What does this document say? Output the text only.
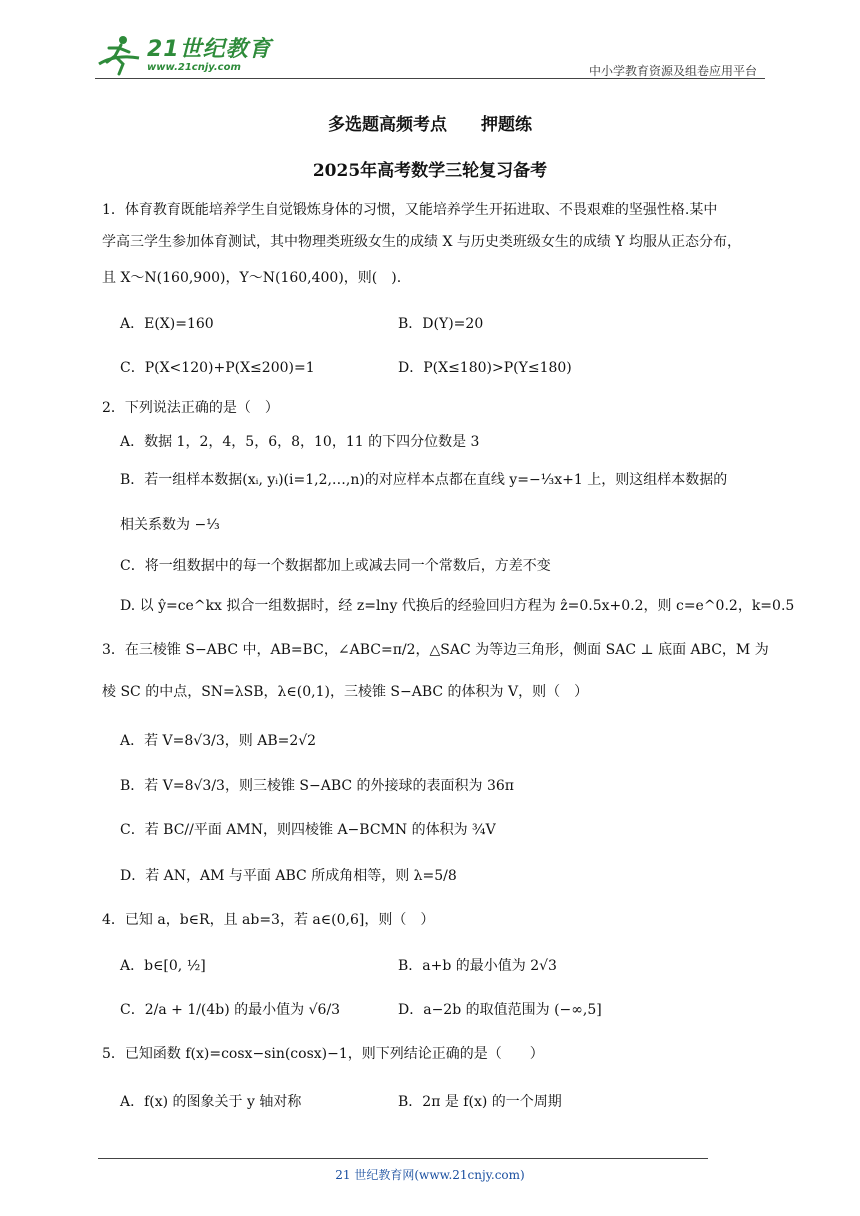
21世纪教育
www.21cnjy.com	中小学教育资源及组卷应用平台
多选题高频考点　　押题练
2025年高考数学三轮复习备考
1．体育教育既能培养学生自觉锻炼身体的习惯，又能培养学生开拓进取、不畏艰难的坚强性格.某中
学高三学生参加体育测试，其中物理类班级女生的成绩 X 与历史类班级女生的成绩 Y 均服从正态分布，
且 X～N(160,900)，Y～N(160,400)，则(　).
A．E(X)=160	B．D(Y)=20
C．P(X<120)+P(X≤200)=1	D．P(X≤180)>P(Y≤180)
2．下列说法正确的是（　）
A．数据 1，2，4，5，6，8，10，11 的下四分位数是 3
B．若一组样本数据(xᵢ, yᵢ)(i=1,2,…,n)的对应样本点都在直线 y=−⅓x+1 上，则这组样本数据的
相关系数为 −⅓
C．将一组数据中的每一个数据都加上或减去同一个常数后，方差不变
D. 以 ŷ=ce^kx 拟合一组数据时，经 z=lny 代换后的经验回归方程为 ẑ=0.5x+0.2，则 c=e^0.2，k=0.5
3．在三棱锥 S−ABC 中，AB=BC，∠ABC=π/2，△SAC 为等边三角形，侧面 SAC ⊥ 底面 ABC，M 为
棱 SC 的中点，SN=λSB，λ∈(0,1)，三棱锥 S−ABC 的体积为 V，则（　）
A．若 V=8√3/3，则 AB=2√2
B．若 V=8√3/3，则三棱锥 S−ABC 的外接球的表面积为 36π
C．若 BC//平面 AMN，则四棱锥 A−BCMN 的体积为 ¾V
D．若 AN，AM 与平面 ABC 所成角相等，则 λ=5/8
4．已知 a，b∈R，且 ab=3，若 a∈(0,6]，则（　）
A．b∈[0, ½]	B．a+b 的最小值为 2√3
C．2/a + 1/(4b) 的最小值为 √6/3	D．a−2b 的取值范围为 (−∞,5]
5．已知函数 f(x)=cosx−sin(cosx)−1，则下列结论正确的是（　　）
A．f(x) 的图象关于 y 轴对称	B．2π 是 f(x) 的一个周期
21 世纪教育网(www.21cnjy.com)
